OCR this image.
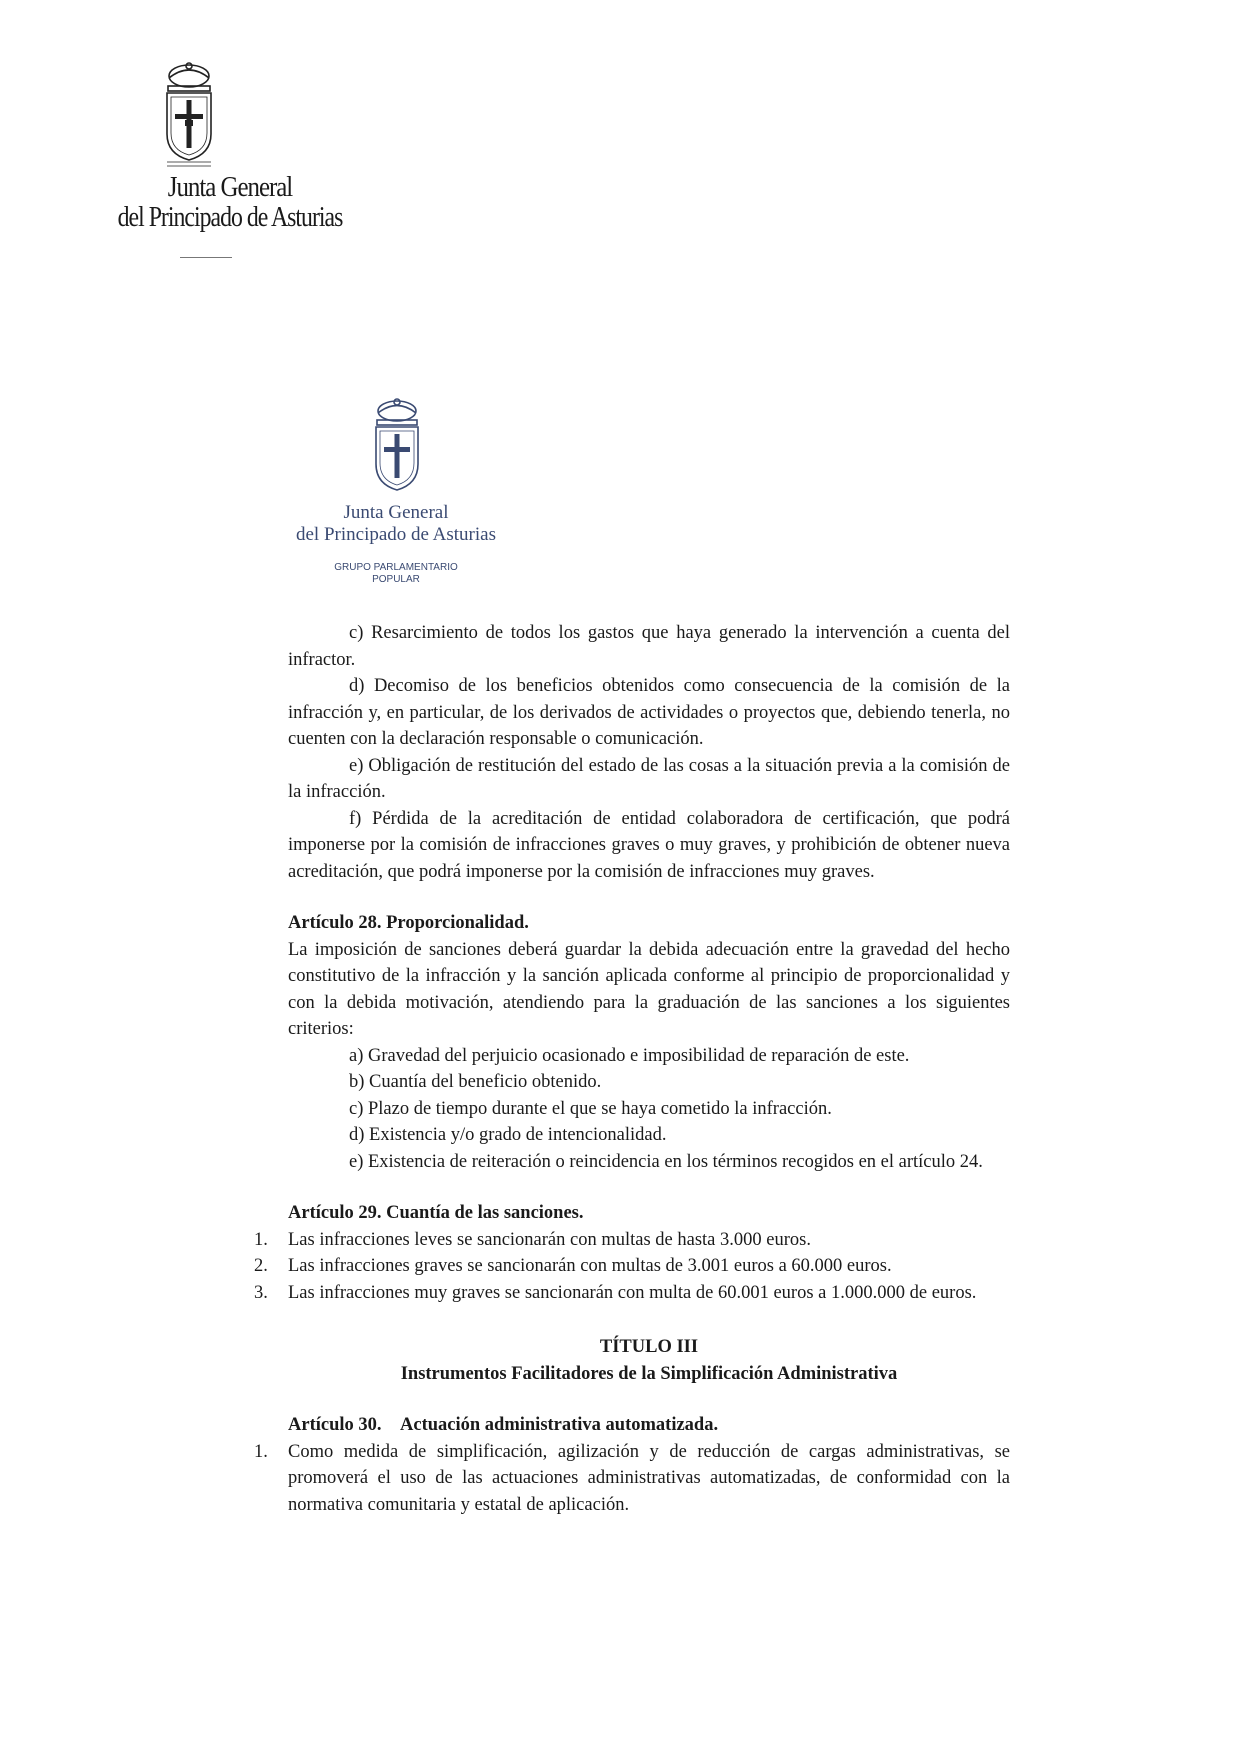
Junta General
del Principado de Asturias
Junta General
del Principado de Asturias
GRUPO PARLAMENTARIO
POPULAR

c) Resarcimiento de todos los gastos que haya generado la intervención a cuenta del infractor.

d) Decomiso de los beneficios obtenidos como consecuencia de la comisión de la infracción y, en particular, de los derivados de actividades o proyectos que, debiendo tenerla, no cuenten con la declaración responsable o comunicación.

e) Obligación de restitución del estado de las cosas a la situación previa a la comisión de la infracción.

f) Pérdida de la acreditación de entidad colaboradora de certificación, que podrá imponerse por la comisión de infracciones graves o muy graves, y prohibición de obtener nueva acreditación, que podrá imponerse por la comisión de infracciones muy graves.

Artículo 28. Proporcionalidad.

La imposición de sanciones deberá guardar la debida adecuación entre la gravedad del hecho constitutivo de la infracción y la sanción aplicada conforme al principio de proporcionalidad y con la debida motivación, atendiendo para la graduación de las sanciones a los siguientes criterios:

a) Gravedad del perjuicio ocasionado e imposibilidad de reparación de este.

b) Cuantía del beneficio obtenido.

c) Plazo de tiempo durante el que se haya cometido la infracción.

d) Existencia y/o grado de intencionalidad.

e) Existencia de reiteración o reincidencia en los términos recogidos en el artículo 24.

Artículo 29. Cuantía de las sanciones.

1. Las infracciones leves se sancionarán con multas de hasta 3.000 euros.
2. Las infracciones graves se sancionarán con multas de 3.001 euros a 60.000 euros.
3. Las infracciones muy graves se sancionarán con multa de 60.001 euros a 1.000.000 de euros.

TÍTULO III

Instrumentos Facilitadores de la Simplificación Administrativa

Artículo 30.    Actuación administrativa automatizada.

1. Como medida de simplificación, agilización y de reducción de cargas administrativas, se promoverá el uso de las actuaciones administrativas automatizadas, de conformidad con la normativa comunitaria y estatal de aplicación.
